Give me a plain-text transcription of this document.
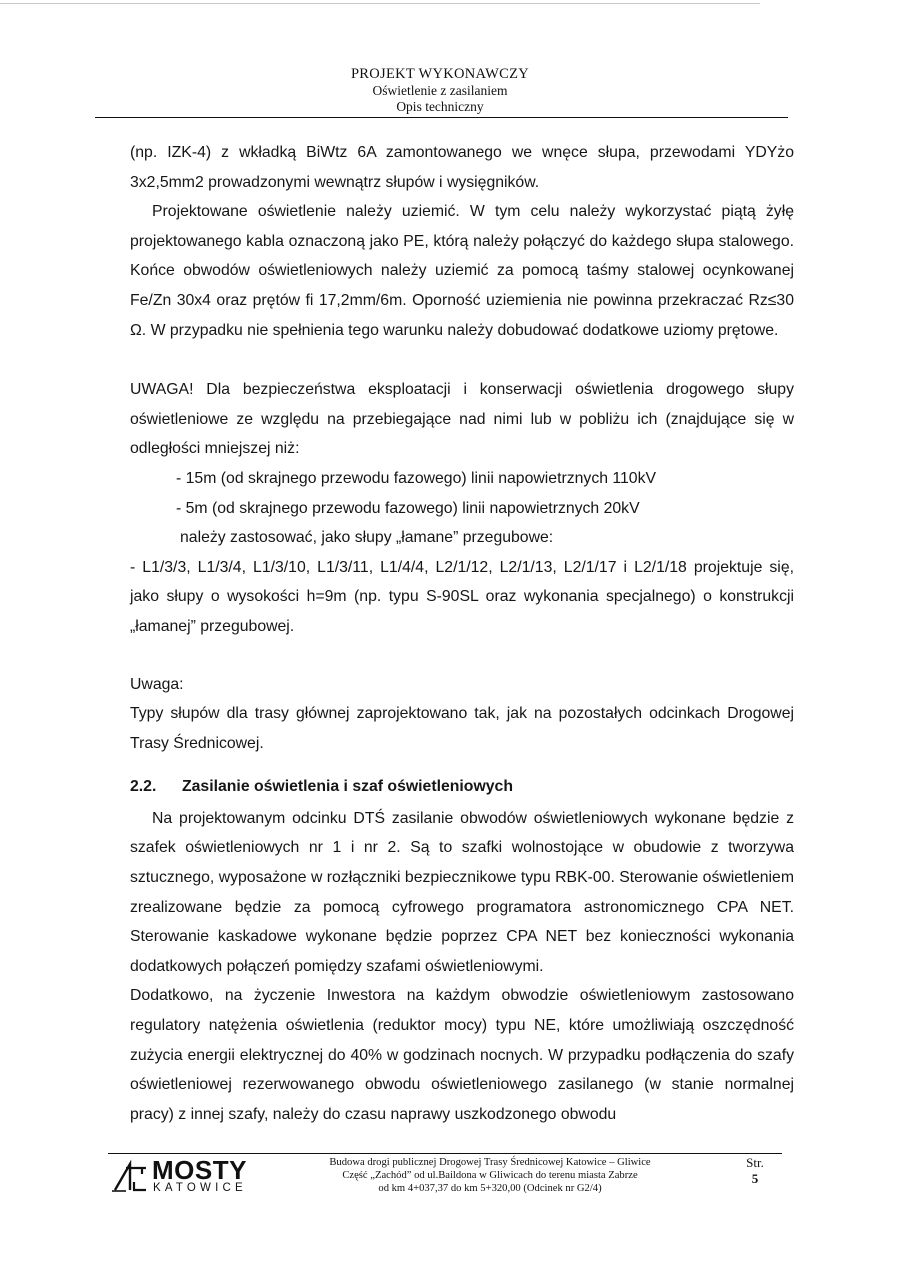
PROJEKT WYKONAWCZY
Oświetlenie z zasilaniem
Opis techniczny

(np. IZK-4) z wkładką BiWtz 6A zamontowanego we wnęce słupa, przewodami YDYżo

3x2,5mm2 prowadzonymi wewnątrz słupów i wysięgników.

Projektowane oświetlenie należy uziemić. W tym celu należy wykorzystać piątą żyłę projektowanego kabla oznaczoną jako PE, którą należy połączyć do każdego słupa stalowego. Końce obwodów oświetleniowych należy uziemić za pomocą taśmy stalowej ocynkowanej Fe/Zn 30x4 oraz prętów fi 17,2mm/6m. Oporność uziemienia nie powinna przekraczać Rz≤30 Ω. W przypadku nie spełnienia tego warunku należy dobudować dodatkowe uziomy prętowe.

UWAGA! Dla bezpieczeństwa eksploatacji i konserwacji oświetlenia drogowego słupy oświetleniowe ze względu na przebiegające nad nimi lub w pobliżu ich (znajdujące się w odległości mniejszej niż:

- 15m (od skrajnego przewodu fazowego) linii napowietrznych 110kV
- 5m (od skrajnego przewodu fazowego) linii napowietrznych 20kV
należy zastosować, jako słupy „łamane” przegubowe:

- L1/3/3, L1/3/4, L1/3/10, L1/3/11, L1/4/4, L2/1/12, L2/1/13, L2/1/17 i L2/1/18 projektuje się, jako słupy o wysokości h=9m (np. typu S-90SL oraz wykonania specjalnego) o konstrukcji „łamanej” przegubowej.

Uwaga:

Typy słupów dla trasy głównej zaprojektowano tak, jak na pozostałych odcinkach Drogowej Trasy Średnicowej.

2.2. Zasilanie oświetlenia i szaf oświetleniowych

Na projektowanym odcinku DTŚ zasilanie obwodów oświetleniowych wykonane będzie z szafek oświetleniowych nr 1 i nr 2. Są to szafki wolnostojące w obudowie z tworzywa sztucznego, wyposażone w rozłączniki bezpiecznikowe typu RBK-00. Sterowanie oświetleniem zrealizowane będzie za pomocą cyfrowego programatora astronomicznego CPA NET. Sterowanie kaskadowe wykonane będzie poprzez CPA NET bez konieczności wykonania dodatkowych połączeń pomiędzy szafami oświetleniowymi.

Dodatkowo, na życzenie Inwestora na każdym obwodzie oświetleniowym zastosowano regulatory natężenia oświetlenia (reduktor mocy) typu NE, które umożliwiają oszczędność zużycia energii elektrycznej do 40% w godzinach nocnych. W przypadku podłączenia do szafy oświetleniowej rezerwowanego obwodu oświetleniowego zasilanego (w stanie normalnej pracy) z innej szafy, należy do czasu naprawy uszkodzonego obwodu

MOSTY
KATOWICE
Budowa drogi publicznej Drogowej Trasy Średnicowej Katowice – Gliwice
Część „Zachód” od ul.Baildona w Gliwicach do terenu miasta Zabrze
od km 4+037,37 do km 5+320,00 (Odcinek nr G2/4)
Str.
5
